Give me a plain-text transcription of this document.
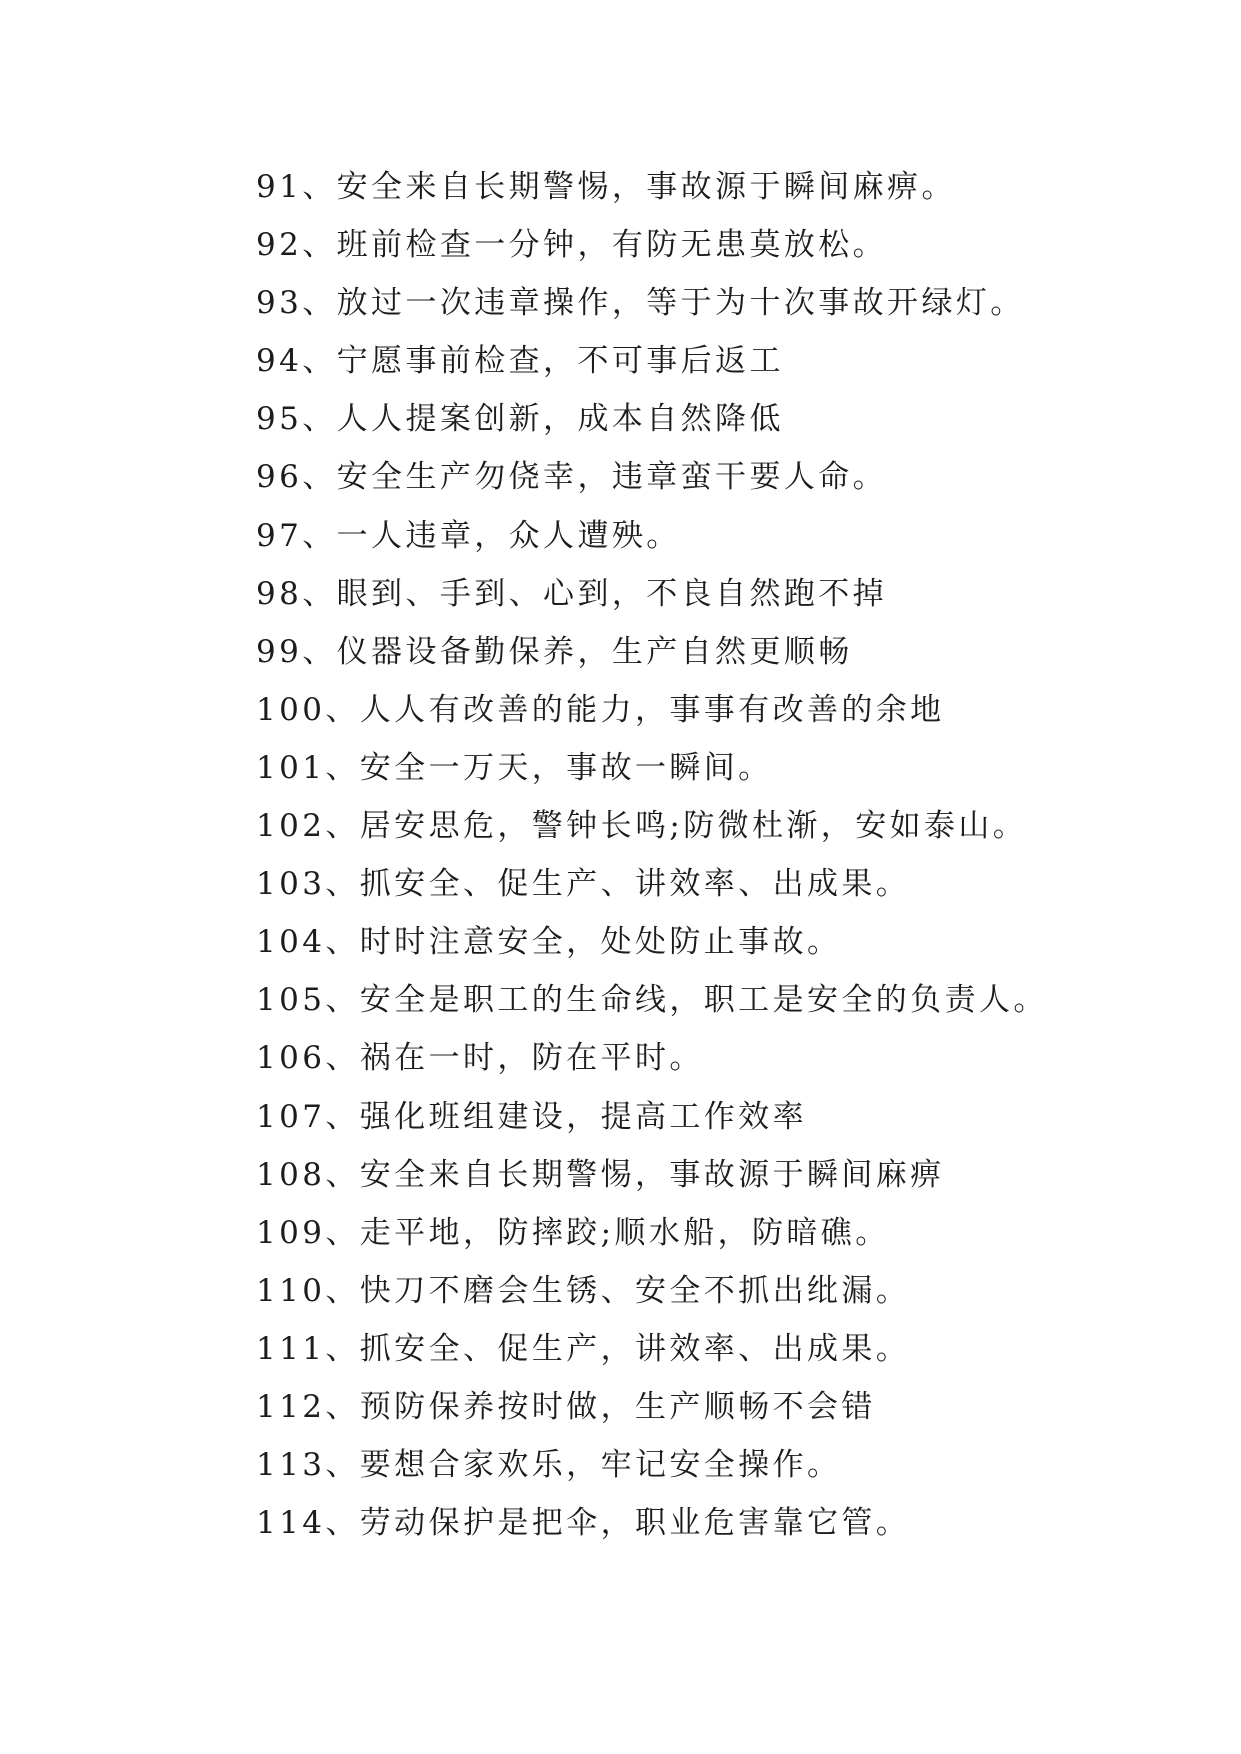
91、安全来自长期警惕，事故源于瞬间麻痹。
92、班前检查一分钟，有防无患莫放松。
93、放过一次违章操作，等于为十次事故开绿灯。
94、宁愿事前检查，不可事后返工
95、人人提案创新，成本自然降低
96、安全生产勿侥幸，违章蛮干要人命。
97、一人违章，众人遭殃。
98、眼到、手到、心到，不良自然跑不掉
99、仪器设备勤保养，生产自然更顺畅
100、人人有改善的能力，事事有改善的余地
101、安全一万天，事故一瞬间。
102、居安思危，警钟长鸣;防微杜渐，安如泰山。
103、抓安全、促生产、讲效率、出成果。
104、时时注意安全，处处防止事故。
105、安全是职工的生命线，职工是安全的负责人。
106、祸在一时，防在平时。
107、强化班组建设，提高工作效率
108、安全来自长期警惕，事故源于瞬间麻痹
109、走平地，防摔跤;顺水船，防暗礁。
110、快刀不磨会生锈、安全不抓出纰漏。
111、抓安全、促生产，讲效率、出成果。
112、预防保养按时做，生产顺畅不会错
113、要想合家欢乐，牢记安全操作。
114、劳动保护是把伞，职业危害靠它管。
